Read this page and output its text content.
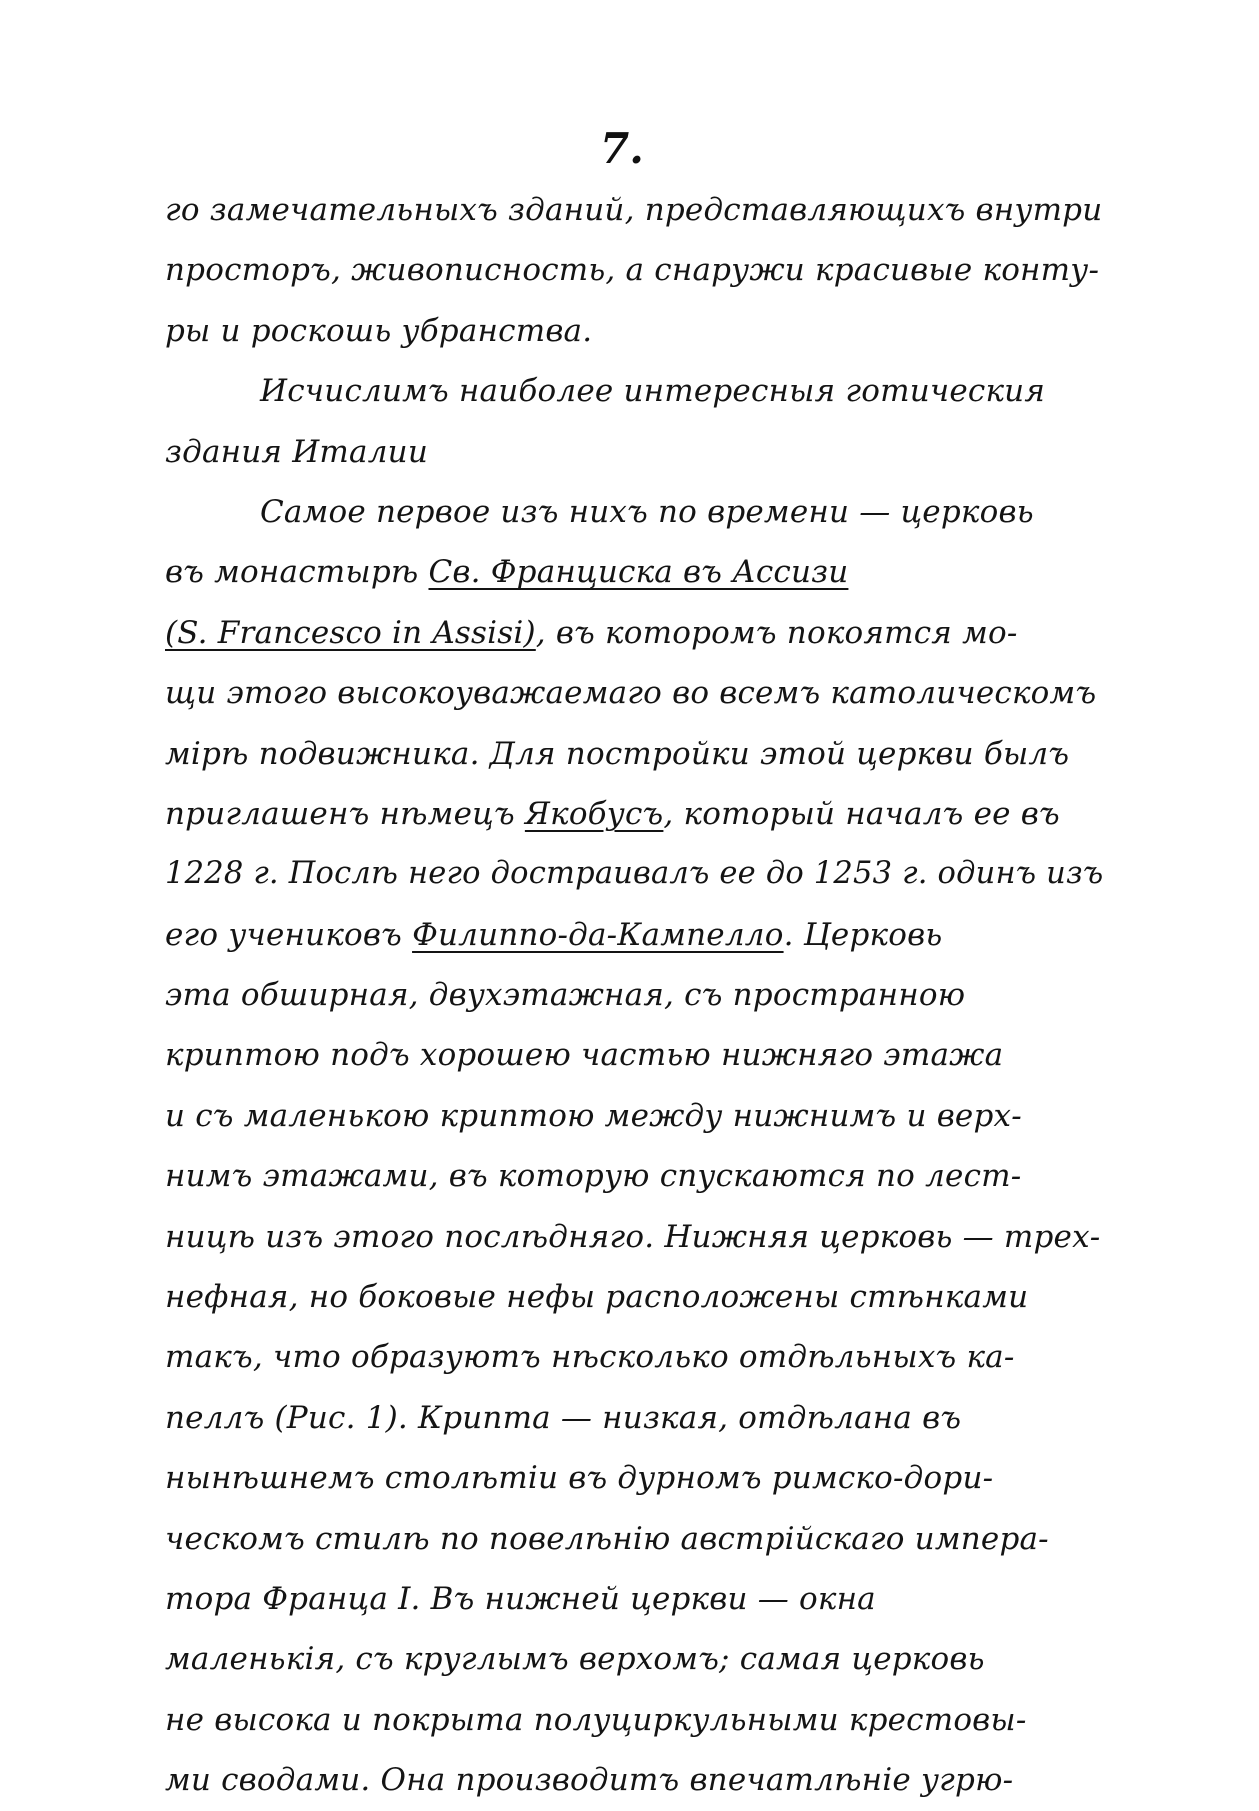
7.
го замечательныхъ зданий, представляющихъ внутри
просторъ, живописность, а снаружи красивые конту-
ры и роскошь убранства.
Исчислимъ наиболее интересныя готическия
здания Италии
Самое первое изъ нихъ по времени — церковь
въ монастырѣ Св. Франциска въ Ассизи
(S. Francesco in Assisi), въ которомъ покоятся мо-
щи этого высокоуважаемаго во всемъ католическомъ
мірѣ подвижника. Для постройки этой церкви былъ
приглашенъ нѣмецъ Якобусъ, который началъ ее въ
1228 г. Послѣ него достраивалъ ее до 1253 г. одинъ изъ
его учениковъ Филиппо-да-Кампелло. Церковь
эта обширная, двухэтажная, съ пространною
криптою подъ хорошею частью нижняго этажа
и съ маленькою криптою между нижнимъ и верх-
нимъ этажами, въ которую спускаются по лест-
ницѣ изъ этого послѣдняго. Нижняя церковь — трех-
нефная, но боковые нефы расположены стѣнками
такъ, что образуютъ нѣсколько отдѣльныхъ ка-
пеллъ (Рис. 1). Крипта — низкая, отдѣлана въ
нынѣшнемъ столѣтіи въ дурномъ римско-дори-
ческомъ стилѣ по повелѣнію австрійскаго импера-
тора Франца I. Въ нижней церкви — окна
маленькія, съ круглымъ верхомъ; самая церковь
не высока и покрыта полуциркульными крестовы-
ми сводами. Она производитъ впечатлѣніе угрю-
